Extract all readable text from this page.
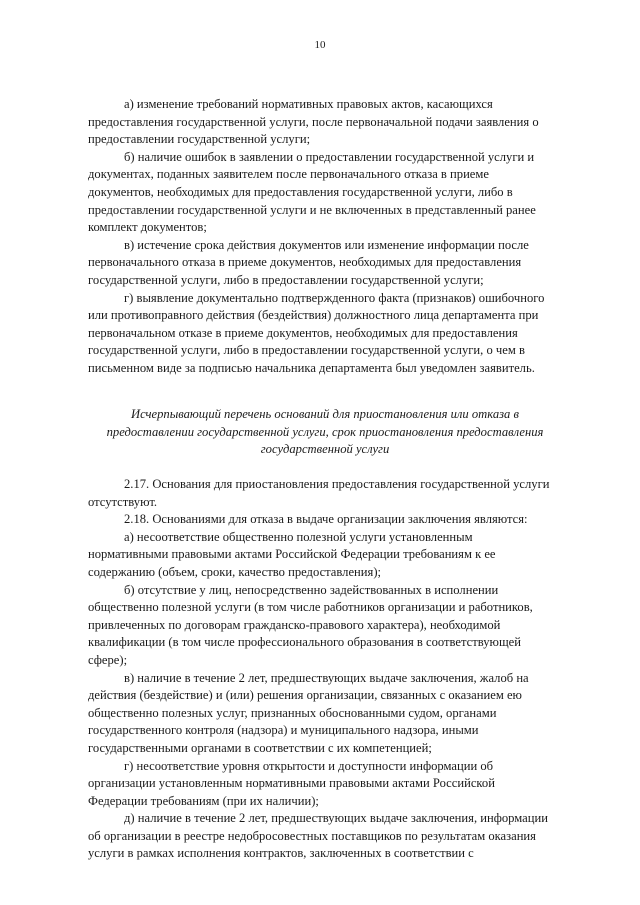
10

а) изменение требований нормативных правовых актов, касающихся
предоставления государственной услуги, после первоначальной подачи заявления о
предоставлении государственной услуги;

б) наличие ошибок в заявлении о предоставлении государственной услуги и
документах, поданных заявителем после первоначального отказа в приеме
документов, необходимых для предоставления государственной услуги, либо в
предоставлении государственной услуги и не включенных в представленный ранее
комплект документов;

в) истечение срока действия документов или изменение информации после
первоначального отказа в приеме документов, необходимых для предоставления
государственной услуги, либо в предоставлении государственной услуги;

г) выявление документально подтвержденного факта (признаков) ошибочного
или противоправного действия (бездействия) должностного лица департамента при
первоначальном отказе в приеме документов, необходимых для предоставления
государственной услуги, либо в предоставлении государственной услуги, о чем в
письменном виде за подписью начальника департамента был уведомлен заявитель.

Исчерпывающий перечень оснований для приостановления или отказа в
предоставлении государственной услуги, срок приостановления предоставления
государственной услуги

2.17. Основания для приостановления предоставления государственной услуги
отсутствуют.

2.18. Основаниями для отказа в выдаче организации заключения являются:

а) несоответствие общественно полезной услуги установленным
нормативными правовыми актами Российской Федерации требованиям к ее
содержанию (объем, сроки, качество предоставления);

б) отсутствие у лиц, непосредственно задействованных в исполнении
общественно полезной услуги (в том числе работников организации и работников,
привлеченных по договорам гражданско-правового характера), необходимой
квалификации (в том числе профессионального образования в соответствующей
сфере);

в) наличие в течение 2 лет, предшествующих выдаче заключения, жалоб на
действия (бездействие) и (или) решения организации, связанных с оказанием ею
общественно полезных услуг, признанных обоснованными судом, органами
государственного контроля (надзора) и муниципального надзора, иными
государственными органами в соответствии с их компетенцией;

г) несоответствие уровня открытости и доступности информации об
организации установленным нормативными правовыми актами Российской
Федерации требованиям (при их наличии);

д) наличие в течение 2 лет, предшествующих выдаче заключения, информации
об организации в реестре недобросовестных поставщиков по результатам оказания
услуги в рамках исполнения контрактов, заключенных в соответствии с
